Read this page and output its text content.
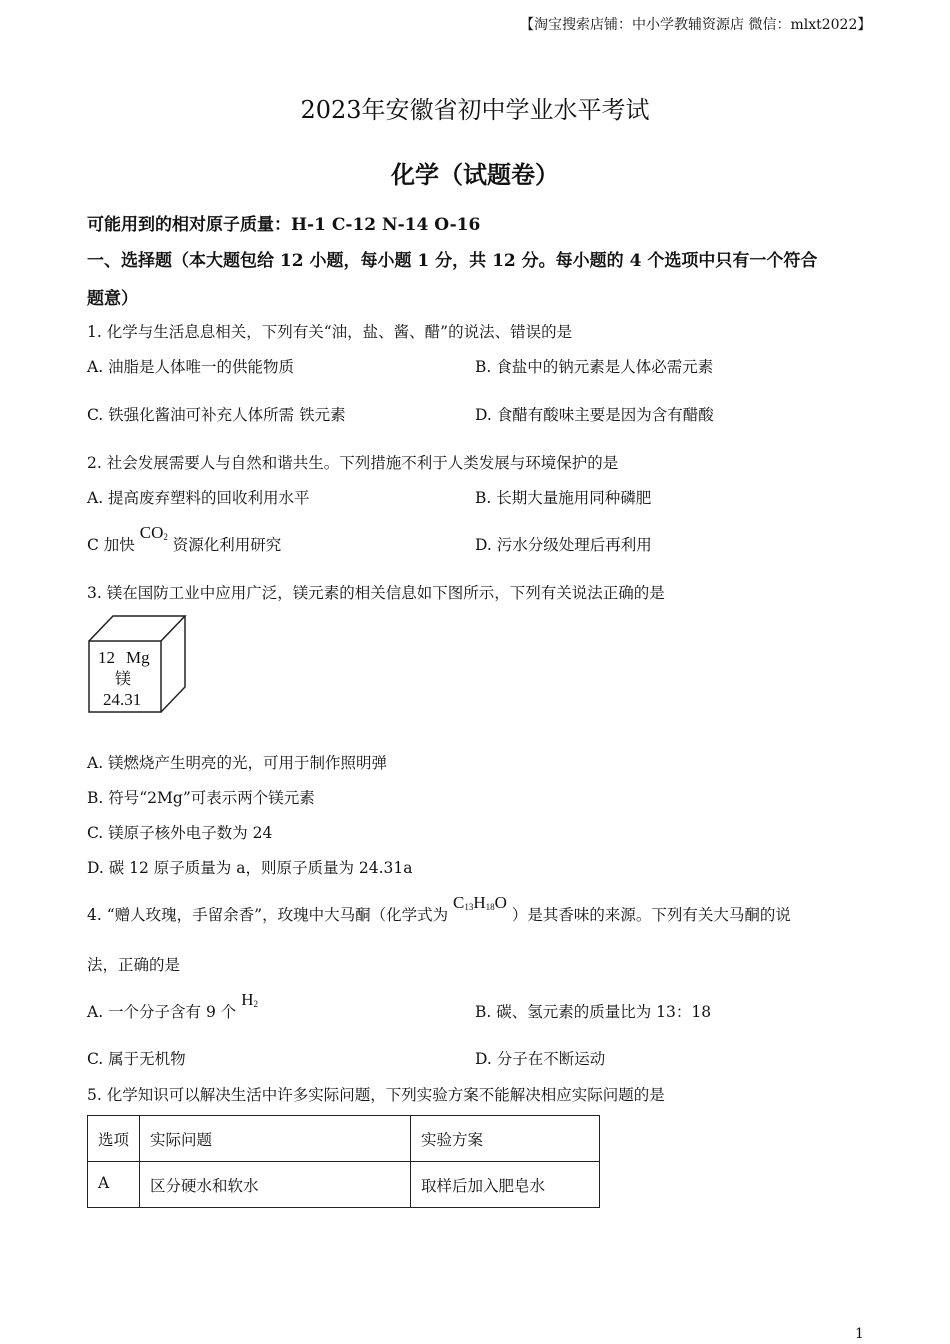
【淘宝搜索店铺：中小学教辅资源店 微信：mlxt2022】
2023年安徽省初中学业水平考试
化学（试题卷）
可能用到的相对原子质量：H-1 C-12 N-14 O-16
一、选择题（本大题包给 12 小题，每小题 1 分，共 12 分。每小题的 4 个选项中只有一个符合
题意）
1. 化学与生活息息相关，下列有关“油，盐、酱、醋”的说法、错误的是
A. 油脂是人体唯一的供能物质	B. 食盐中的钠元素是人体必需元素
C. 铁强化酱油可补充人体所需 铁元素	D. 食醋有酸味主要是因为含有醋酸
2. 社会发展需要人与自然和谐共生。下列措施不利于人类发展与环境保护的是
A. 提高废弃塑料的回收利用水平	B. 长期大量施用同种磷肥
C 加快 $CO_2$ 资源化利用研究	D. 污水分级处理后再利用
3. 镁在国防工业中应用广泛，镁元素的相关信息如下图所示，下列有关说法正确的是
12 Mg
镁
24.31
A. 镁燃烧产生明亮的光，可用于制作照明弹
B. 符号“2Mg”可表示两个镁元素
C. 镁原子核外电子数为 24
D. 碳 12 原子质量为 a，则原子质量为 24.31a
4. “赠人玫瑰，手留余香”，玫瑰中大马酮（化学式为 $C_{13}H_{18}O$ ）是其香味的来源。下列有关大马酮的说
法，正确的是
A. 一个分子含有 9 个 $H_2$	B. 碳、氢元素的质量比为 13：18
C. 属于无机物	D. 分子在不断运动
5. 化学知识可以解决生活中许多实际问题，下列实验方案不能解决相应实际问题的是
选项	实际问题	实验方案
A	区分硬水和软水	取样后加入肥皂水
1
